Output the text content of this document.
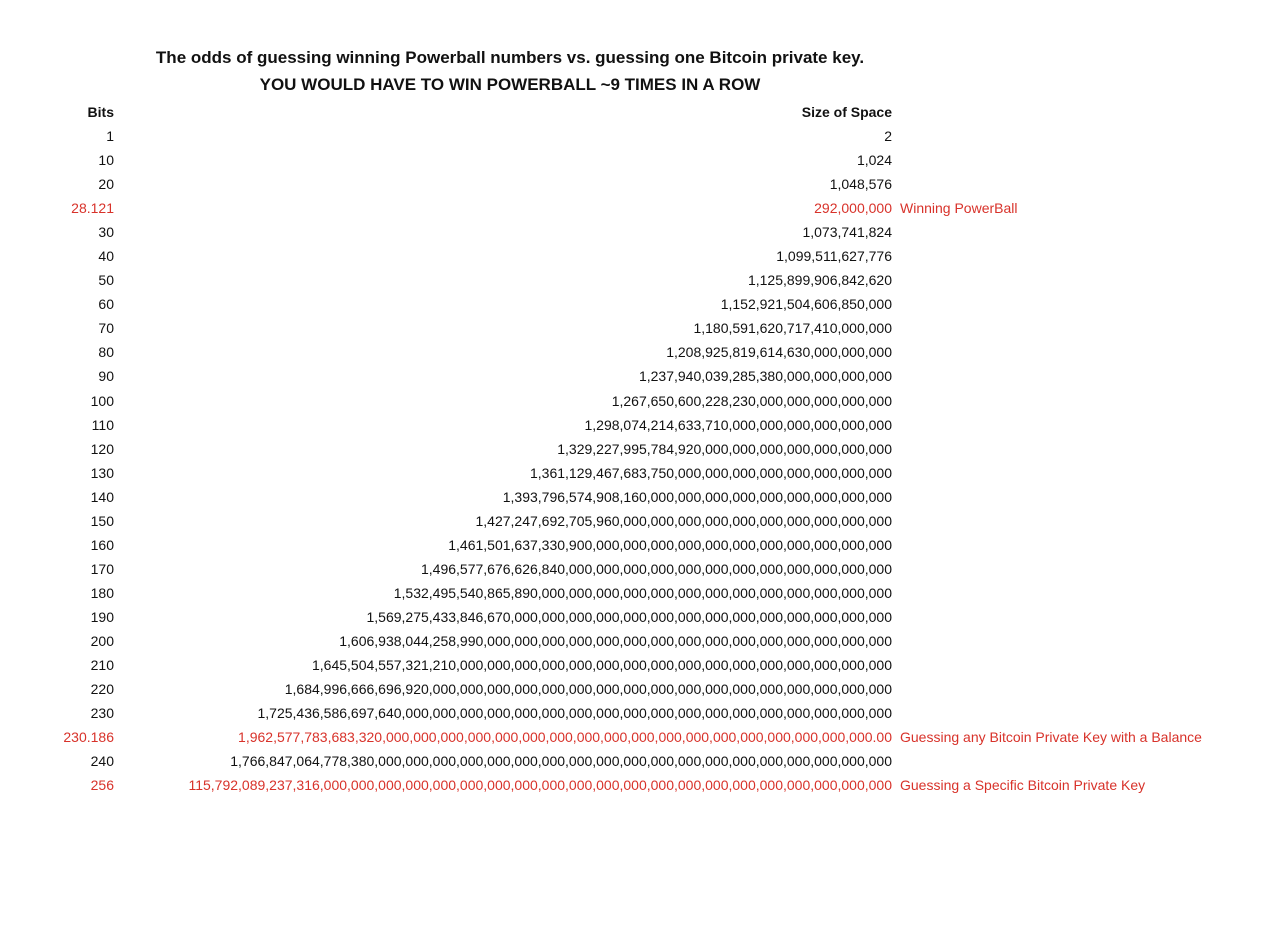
The odds of guessing winning Powerball numbers vs. guessing one Bitcoin private key.
YOU WOULD HAVE TO WIN POWERBALL ~9 TIMES IN A ROW
Bits	Size of Space
1	2
10	1,024
20	1,048,576
28.121	292,000,000 Winning PowerBall
30	1,073,741,824
40	1,099,511,627,776
50	1,125,899,906,842,620
60	1,152,921,504,606,850,000
70	1,180,591,620,717,410,000,000
80	1,208,925,819,614,630,000,000,000
90	1,237,940,039,285,380,000,000,000,000
100	1,267,650,600,228,230,000,000,000,000,000
110	1,298,074,214,633,710,000,000,000,000,000,000
120	1,329,227,995,784,920,000,000,000,000,000,000,000
130	1,361,129,467,683,750,000,000,000,000,000,000,000,000
140	1,393,796,574,908,160,000,000,000,000,000,000,000,000,000
150	1,427,247,692,705,960,000,000,000,000,000,000,000,000,000,000
160	1,461,501,637,330,900,000,000,000,000,000,000,000,000,000,000,000
170	1,496,577,676,626,840,000,000,000,000,000,000,000,000,000,000,000,000
180	1,532,495,540,865,890,000,000,000,000,000,000,000,000,000,000,000,000,000
190	1,569,275,433,846,670,000,000,000,000,000,000,000,000,000,000,000,000,000,000
200	1,606,938,044,258,990,000,000,000,000,000,000,000,000,000,000,000,000,000,000,000
210	1,645,504,557,321,210,000,000,000,000,000,000,000,000,000,000,000,000,000,000,000,000
220	1,684,996,666,696,920,000,000,000,000,000,000,000,000,000,000,000,000,000,000,000,000,000
230	1,725,436,586,697,640,000,000,000,000,000,000,000,000,000,000,000,000,000,000,000,000,000,000
230.186	1,962,577,783,683,320,000,000,000,000,000,000,000,000,000,000,000,000,000,000,000,000,000,000.00 Guessing any Bitcoin Private Key with a Balance
240	1,766,847,064,778,380,000,000,000,000,000,000,000,000,000,000,000,000,000,000,000,000,000,000,000
256	115,792,089,237,316,000,000,000,000,000,000,000,000,000,000,000,000,000,000,000,000,000,000,000,000,000 Guessing a Specific Bitcoin Private Key
